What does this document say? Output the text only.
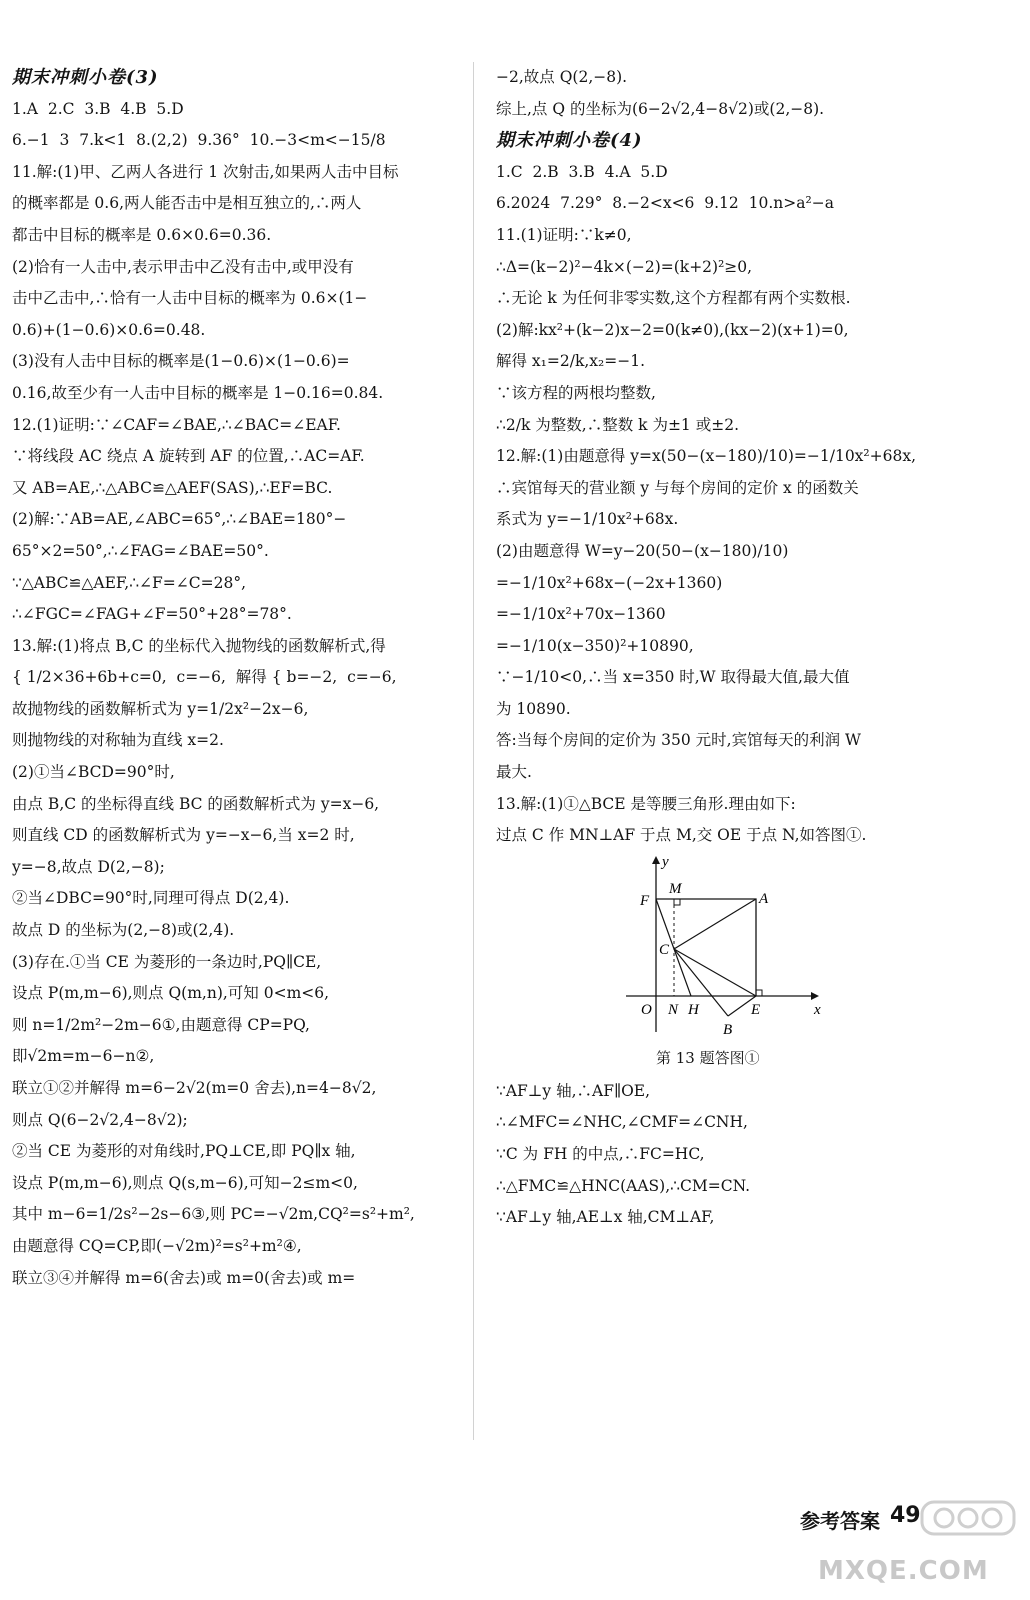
期末冲刺小卷(3)
1.A  2.C  3.B  4.B  5.D
6.−1  3  7.k<1  8.(2,2)  9.36°  10.−3<m<−15/8
11.解:(1)甲、乙两人各进行 1 次射击,如果两人击中目标
的概率都是 0.6,两人能否击中是相互独立的,∴两人
都击中目标的概率是 0.6×0.6=0.36.
(2)恰有一人击中,表示甲击中乙没有击中,或甲没有
击中乙击中,∴恰有一人击中目标的概率为 0.6×(1−
0.6)+(1−0.6)×0.6=0.48.
(3)没有人击中目标的概率是(1−0.6)×(1−0.6)=
0.16,故至少有一人击中目标的概率是 1−0.16=0.84.
12.(1)证明:∵∠CAF=∠BAE,∴∠BAC=∠EAF.
∵将线段 AC 绕点 A 旋转到 AF 的位置,∴AC=AF.
又 AB=AE,∴△ABC≌△AEF(SAS),∴EF=BC.
(2)解:∵AB=AE,∠ABC=65°,∴∠BAE=180°−
65°×2=50°,∴∠FAG=∠BAE=50°.
∵△ABC≌△AEF,∴∠F=∠C=28°,
∴∠FGC=∠FAG+∠F=50°+28°=78°.
13.解:(1)将点 B,C 的坐标代入抛物线的函数解析式,得
{ 1/2×36+6b+c=0,  c=−6,  解得 { b=−2,  c=−6,
故抛物线的函数解析式为 y=1/2x²−2x−6,
则抛物线的对称轴为直线 x=2.
(2)①当∠BCD=90°时,
由点 B,C 的坐标得直线 BC 的函数解析式为 y=x−6,
则直线 CD 的函数解析式为 y=−x−6,当 x=2 时,
y=−8,故点 D(2,−8);
②当∠DBC=90°时,同理可得点 D(2,4).
故点 D 的坐标为(2,−8)或(2,4).
(3)存在.①当 CE 为菱形的一条边时,PQ∥CE,
设点 P(m,m−6),则点 Q(m,n),可知 0<m<6,
则 n=1/2m²−2m−6①,由题意得 CP=PQ,
即√2m=m−6−n②,
联立①②并解得 m=6−2√2(m=0 舍去),n=4−8√2,
则点 Q(6−2√2,4−8√2);
②当 CE 为菱形的对角线时,PQ⊥CE,即 PQ∥x 轴,
设点 P(m,m−6),则点 Q(s,m−6),可知−2≤m<0,
其中 m−6=1/2s²−2s−6③,则 PC=−√2m,CQ²=s²+m²,
由题意得 CQ=CP,即(−√2m)²=s²+m²④,
联立③④并解得 m=6(舍去)或 m=0(舍去)或 m=
−2,故点 Q(2,−8).
综上,点 Q 的坐标为(6−2√2,4−8√2)或(2,−8).
期末冲刺小卷(4)
1.C  2.B  3.B  4.A  5.D
6.2024  7.29°  8.−2<x<6  9.12  10.n>a²−a
11.(1)证明:∵k≠0,
∴Δ=(k−2)²−4k×(−2)=(k+2)²≥0,
∴无论 k 为任何非零实数,这个方程都有两个实数根.
(2)解:kx²+(k−2)x−2=0(k≠0),(kx−2)(x+1)=0,
解得 x₁=2/k,x₂=−1.
∵该方程的两根均整数,
∴2/k 为整数,∴整数 k 为±1 或±2.
12.解:(1)由题意得 y=x(50−(x−180)/10)=−1/10x²+68x,
∴宾馆每天的营业额 y 与每个房间的定价 x 的函数关
系式为 y=−1/10x²+68x.
(2)由题意得 W=y−20(50−(x−180)/10)
=−1/10x²+68x−(−2x+1360)
=−1/10x²+70x−1360
=−1/10(x−350)²+10890,
∵−1/10<0,∴当 x=350 时,W 取得最大值,最大值
为 10890.
答:当每个房间的定价为 350 元时,宾馆每天的利润 W
最大.
13.解:(1)①△BCE 是等腰三角形.理由如下:
过点 C 作 MN⊥AF 于点 M,交 OE 于点 N,如答图①.
y
x
F
M
A
C
O N H	E
B
第 13 题答图①
∵AF⊥y 轴,∴AF∥OE,
∴∠MFC=∠NHC,∠CMF=∠CNH,
∵C 为 FH 的中点,∴FC=HC,
∴△FMC≌△HNC(AAS),∴CM=CN.
∵AF⊥y 轴,AE⊥x 轴,CM⊥AF,
参考答案 49
MXQE.COM
